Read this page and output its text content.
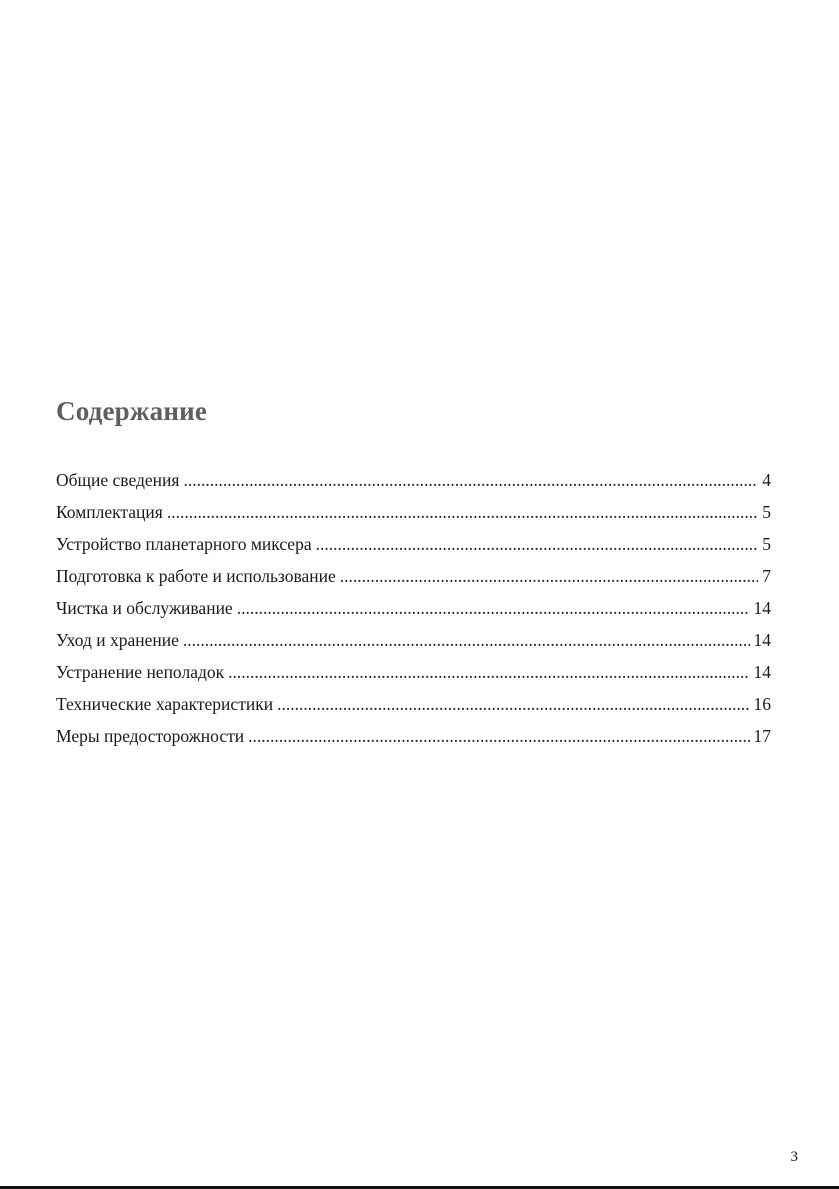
Содержание
Общие сведения .....	4
Комплектация .....	5
Устройство планетарного миксера .....	5
Подготовка к работе и использование .....	7
Чистка и обслуживание .....	14
Уход и хранение .....	14
Устранение неполадок .....	14
Технические характеристики .....	16
Меры предосторожности .....	17
3
